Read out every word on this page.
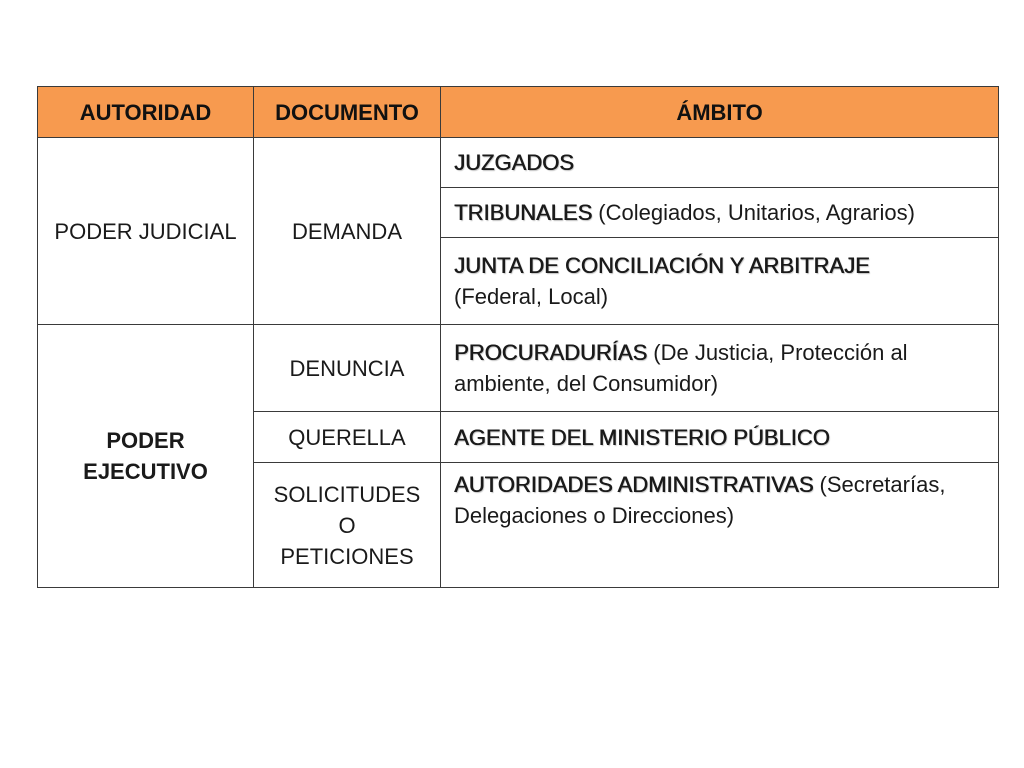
AUTORIDAD	DOCUMENTO	ÁMBITO
PODER JUDICIAL	DEMANDA	JUZGADOS
		TRIBUNALES (Colegiados, Unitarios, Agrarios)

		JUNTA DE CONCILIACIÓN Y ARBITRAJE
(Federal, Local)

PODER
EJECUTIVO	DENUNCIA	PROCURADURÍAS (De Justicia, Protección al ambiente, del Consumidor)
	QUERELLA	AGENTE DEL MINISTERIO PÚBLICO

	SOLICITUDES
O
PETICIONES	AUTORIDADES ADMINISTRATIVAS (Secretarías, Delegaciones o Direcciones)
